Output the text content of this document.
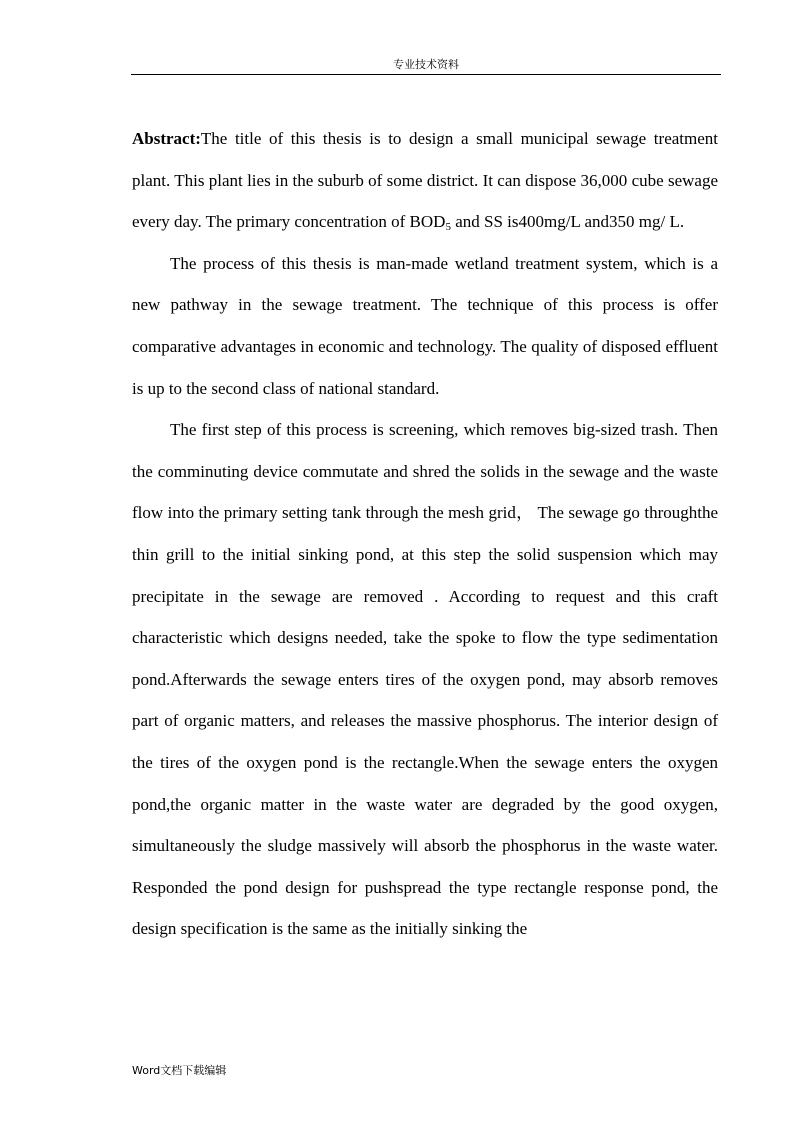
专业技术资料

Abstract:The title of this thesis is to design a small municipal sewage treatment plant. This plant lies in the suburb of some district. It can dispose 36,000 cube sewage every day. The primary concentration of $BOD_5$ and SS is400mg/L and350 mg/ L.

The process of this thesis is man-made wetland treatment system, which is a new pathway in the sewage treatment. The technique of this process is offer comparative advantages in economic and technology. The quality of disposed effluent is up to the second class of national standard.

The first step of this process is screening, which removes big-sized trash. Then the comminuting device commutate and shred the solids in the sewage and the waste flow into the primary setting tank through the mesh grid， The sewage go throughthe thin grill to the initial sinking pond, at this step the solid suspension which may precipitate in the sewage are removed . According to request and this craft characteristic which designs needed, take the spoke to flow the type sedimentation pond.Afterwards the sewage enters tires of the oxygen pond, may absorb removes part of organic matters, and releases the massive phosphorus. The interior design of the tires of the oxygen pond is the rectangle.When the sewage enters the oxygen pond,the organic matter in the waste water are degraded by the good oxygen, simultaneously the sludge massively will absorb the phosphorus in the waste water. Responded the pond design for pushspread the type rectangle response pond, the design specification is the same as the initially sinking the

Word文档下载编辑
